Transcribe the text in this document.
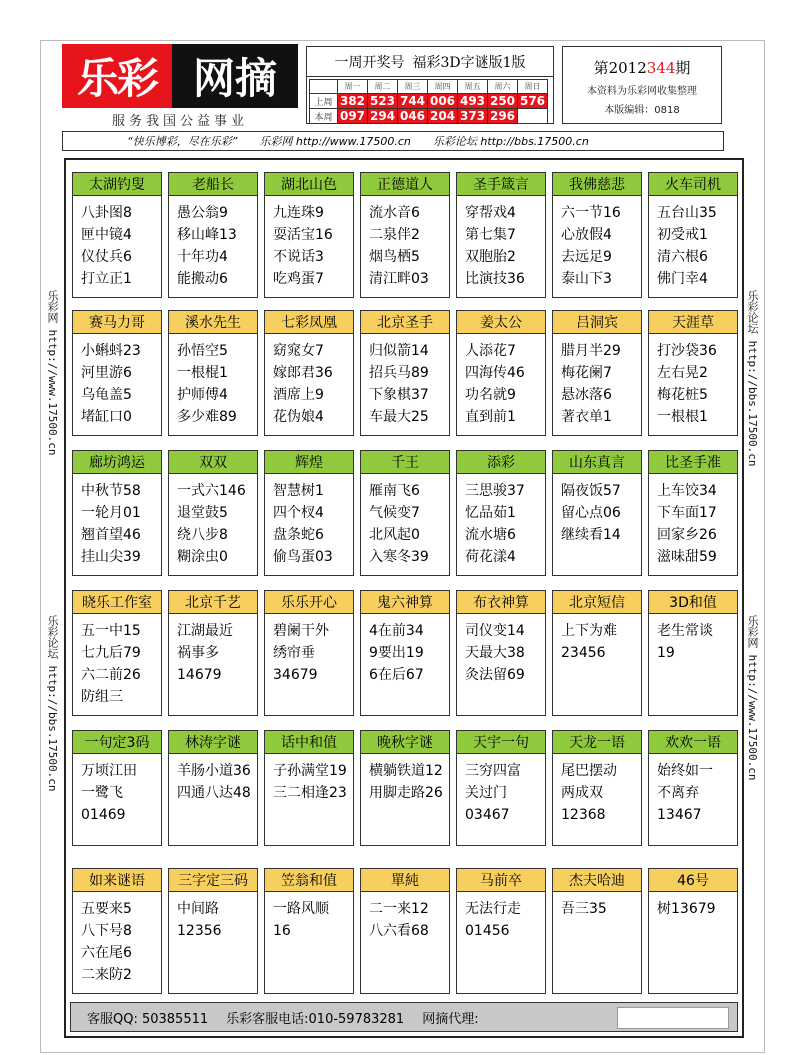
乐彩 网摘
服务我国公益事业
一周开奖号 福彩3D字谜版1版
	周一	周二	周三	周四	周五	周六	周日
上周	382	523	744	006	493	250	576
本周	097	294	046	204	373	296	
第2012344期
本资料为乐彩网收集整理
本版编辑：0818
“快乐博彩，尽在乐彩” 乐彩网 http://www.17500.cn 乐彩论坛 http://bbs.17500.cn
乐彩网 http://www.17500.cn
乐彩论坛 http://bbs.17500.cn
乐彩论坛 http://bbs.17500.cn
乐彩网 http://www.17500.cn
太湖钓叟
八卦图8
匣中镜4
仪仗兵6
打立正1
老船长
愚公翁9
移山峰13
十年功4
能搬动6
湖北山色
九连珠9
耍活宝16
不说话3
吃鸡蛋7
正德道人
流水音6
二泉伴2
烟鸟栖5
清江畔03
圣手箴言
穿帮戏4
第七集7
双胞胎2
比演技36
我佛慈悲
六一节16
心放假4
去远足9
泰山下3
火车司机
五台山35
初受戒1
清六根6
佛门幸4
赛马力哥
小蝌蚪23
河里游6
乌龟盖5
堵缸口0
溪水先生
孙悟空5
一根棍1
护师傅4
多少难89
七彩凤凰
窈窕女7
嫁郎君36
酒席上9
花伪娘4
北京圣手
归似箭14
招兵马89
下象棋37
车最大25
姜太公
人添花7
四海传46
功名就9
直到前1
吕洞宾
腊月半29
梅花阑7
悬冰落6
著衣单1
天涯草
打沙袋36
左右晃2
梅花桩5
一根根1
廊坊鸿运
中秋节58
一轮月01
翘首望46
挂山尖39
双双
一式六146
退堂鼓5
绕八步8
糊涂虫0
辉煌
智慧树1
四个杈4
盘条蛇6
偷鸟蛋03
千王
雁南飞6
气候变7
北风起0
入寒冬39
添彩
三思骏37
忆品茹1
流水塘6
荷花漾4
山东真言
隔夜饭57
留心点06
继续看14
比圣手准
上车饺34
下车面17
回家乡26
滋味甜59
晓乐工作室
五一中15
七九后79
六二前26
防组三
北京千艺
江湖最近
祸事多
14679
乐乐开心
碧阑干外
绣帘垂
34679
鬼六神算
4在前34
9要出19
6在后67
布衣神算
司仪变14
天最大38
灸法留69
北京短信
上下为难
23456
3D和值
老生常谈
19
一句定3码
万顷江田
一鹭飞
01469
林涛字谜
羊肠小道36
四通八达48
话中和值
子孙满堂19
三二相逢23
晚秋字谜
横躺铁道12
用脚走路26
天宇一句
三穷四富
关过门
03467
天龙一语
尾巴摆动
两成双
12368
欢欢一语
始终如一
不离弃
13467
如来谜语
五要来5
八下号8
六在尾6
二来防2
三字定三码
中间路
12356
笠翁和值
一路风顺
16
單純
二一来12
八六看68
马前卒
无法行走
01456
杰夫哈迪
吾三35
46号
树13679
客服QQ: 50385511 乐彩客服电话:010-59783281 网摘代理:
